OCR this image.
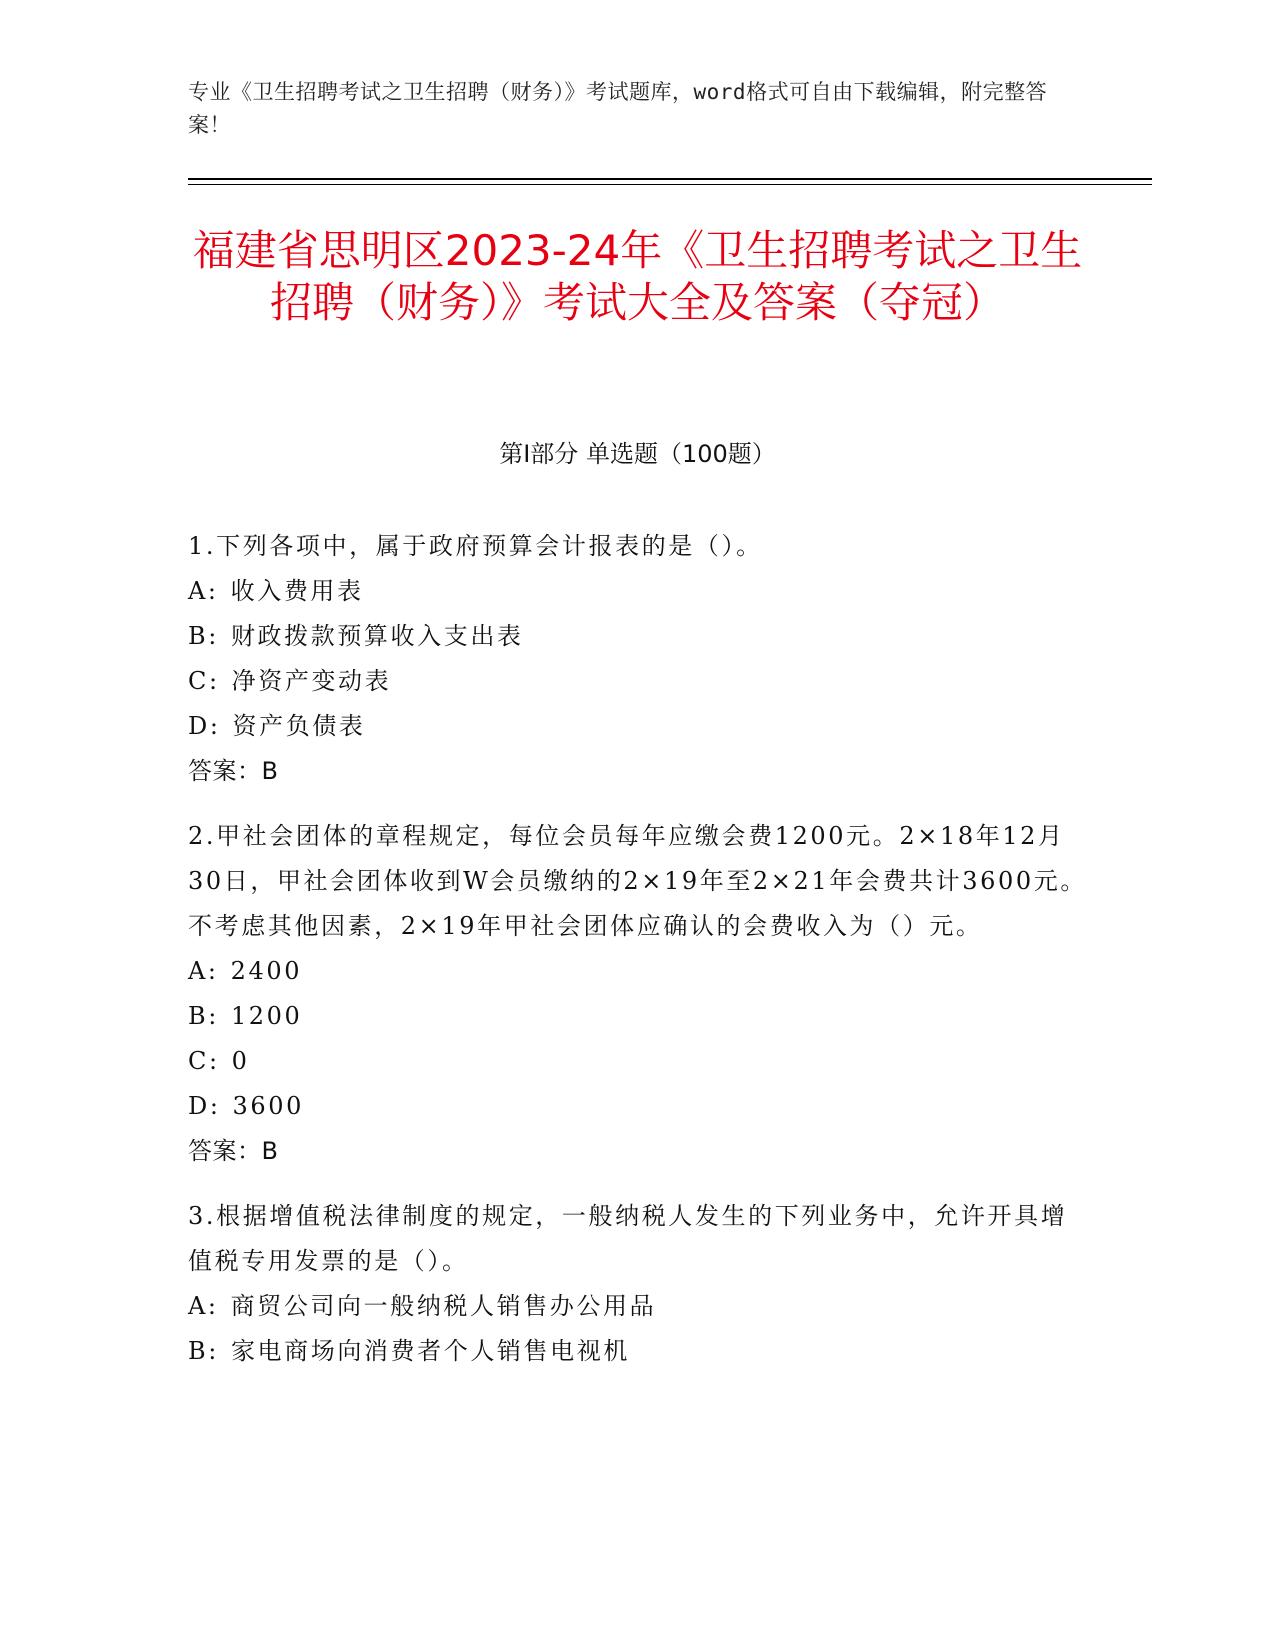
专业《卫生招聘考试之卫生招聘（财务）》考试题库，word格式可自由下载编辑，附完整答案！
福建省思明区2023-24年《卫生招聘考试之卫生招聘（财务）》考试大全及答案（夺冠）
第I部分 单选题（100题）
1.下列各项中，属于政府预算会计报表的是（）。
A: 收入费用表
B: 财政拨款预算收入支出表
C: 净资产变动表
D: 资产负债表
答案：B
2.甲社会团体的章程规定，每位会员每年应缴会费1200元。2×18年12月30日，甲社会团体收到W会员缴纳的2×19年至2×21年会费共计3600元。不考虑其他因素，2×19年甲社会团体应确认的会费收入为（）元。
A: 2400
B: 1200
C: 0
D: 3600
答案：B
3.根据增值税法律制度的规定，一般纳税人发生的下列业务中，允许开具增值税专用发票的是（）。
A: 商贸公司向一般纳税人销售办公用品
B: 家电商场向消费者个人销售电视机
